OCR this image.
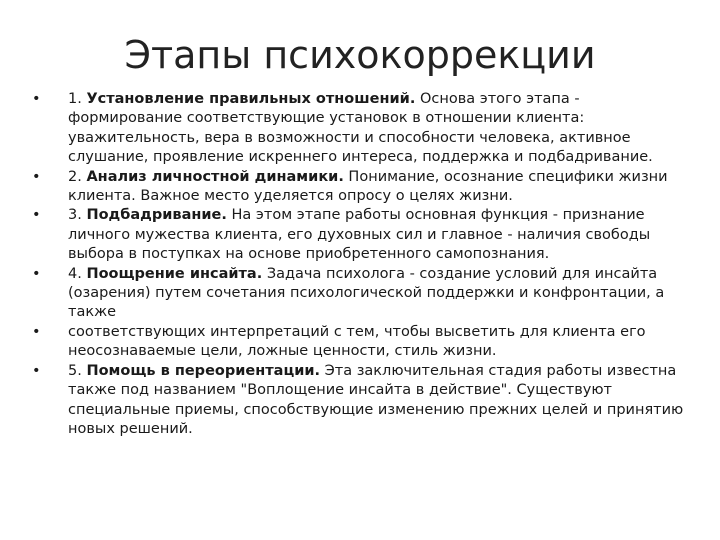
Этапы психокоррекции
• 1. Установление правильных отношений. Основа этого этапа - формирование соответствующие установок в отношении клиента: уважительность, вера в возможности и способности человека, активное слушание, проявление искреннего интереса, поддержка и подбадривание.
• 2. Анализ личностной динамики. Понимание, осознание специфики жизни клиента. Важное место уделяется опросу о целях жизни.
• 3. Подбадривание. На этом этапе работы основная функция - признание личного мужества клиента, его духовных сил и главное - наличия свободы выбора в поступках на основе приобретенного самопознания.
• 4. Поощрение инсайта. Задача психолога - создание условий для инсайта (озарения) путем сочетания психологической поддержки и конфронтации, а также
• соответствующих интерпретаций с тем, чтобы высветить для клиента его неосознаваемые цели, ложные ценности, стиль жизни.
• 5. Помощь в переориентации. Эта заключительная стадия работы известна также под названием "Воплощение инсайта в действие". Существуют специальные приемы, способствующие изменению прежних целей и принятию новых решений.
